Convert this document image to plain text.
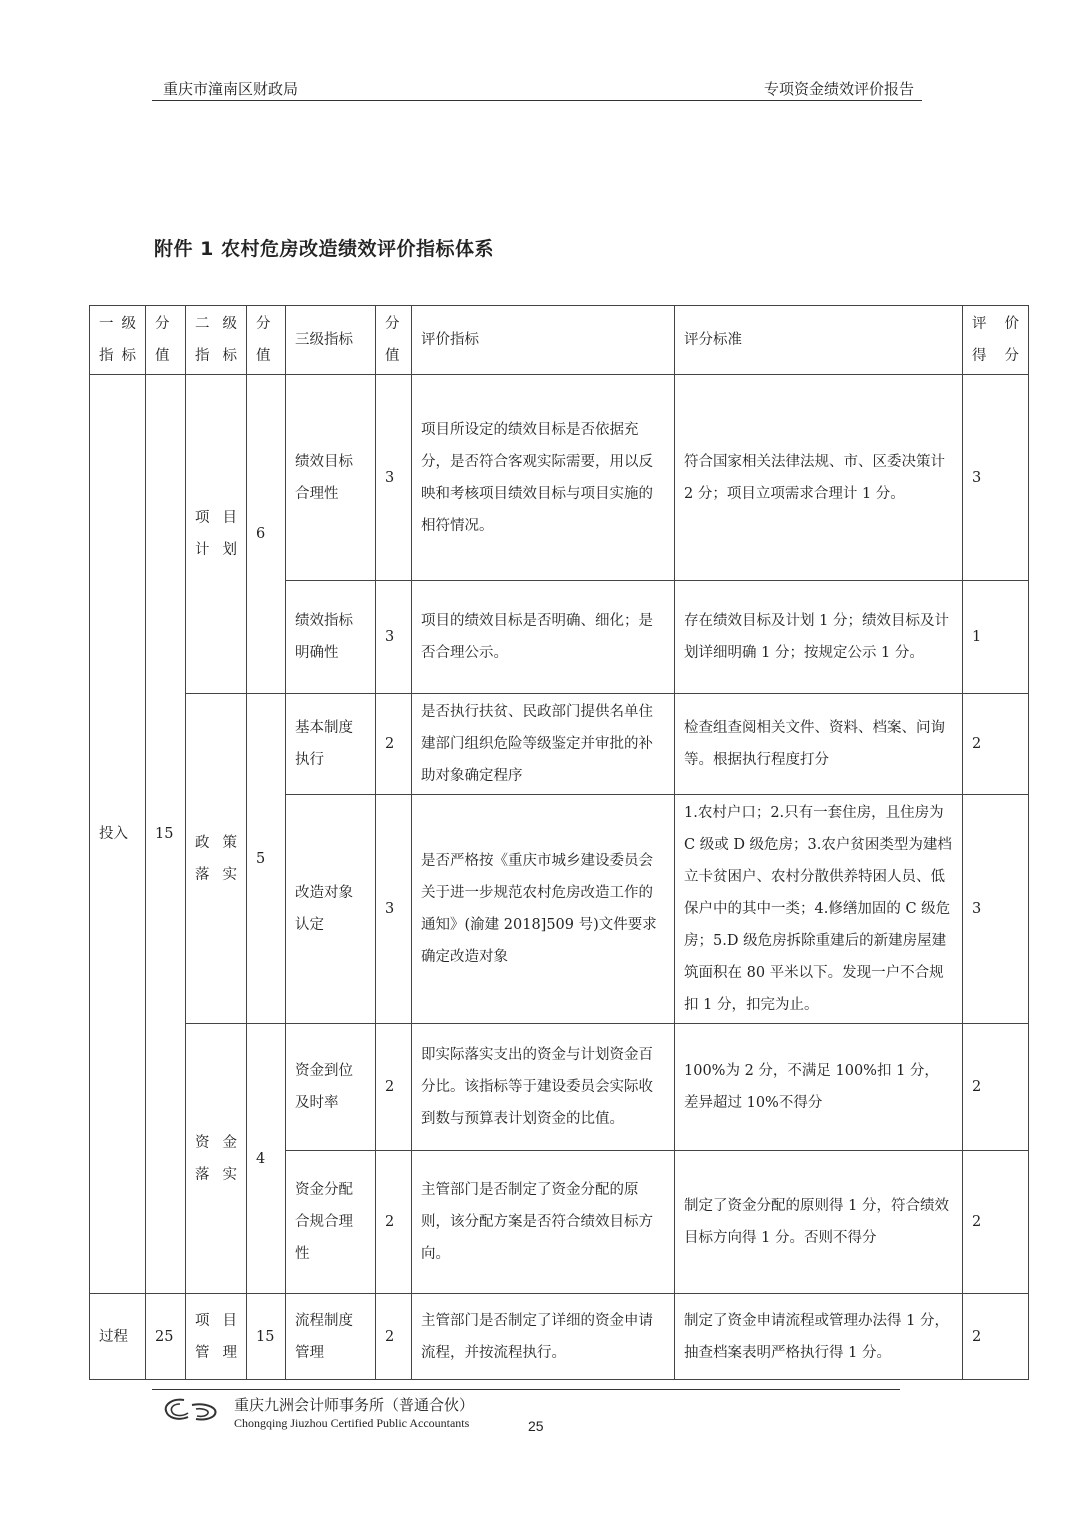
重庆市潼南区财政局	专项资金绩效评价报告
附件 1 农村危房改造绩效评价指标体系
一 级 指标	分 值	二 级 指标	分 值	三级指标	分 值	评价指标	评分标准	评 价 得分
投入	15	项 目 计划	6	绩效目标合理性	3	项目所设定的绩效目标是否依据充分，是否符合客观实际需要，用以反映和考核项目绩效目标与项目实施的相符情况。	符合国家相关法律法规、市、区委决策计 2 分；项目立项需求合理计 1 分。	3
				绩效指标明确性	3	项目的绩效目标是否明确、细化；是否合理公示。	存在绩效目标及计划 1 分；绩效目标及计划详细明确 1 分；按规定公示 1 分。	1
		政 策 落实	5	基本制度执行	2	是否执行扶贫、民政部门提供名单住建部门组织危险等级鉴定并审批的补助对象确定程序	检查组查阅相关文件、资料、档案、问询等。根据执行程度打分	2
				改造对象认定	3	是否严格按《重庆市城乡建设委员会关于进一步规范农村危房改造工作的通知》(渝建 2018]509 号)文件要求确定改造对象	1.农村户口；2.只有一套住房，且住房为 C 级或 D 级危房；3.农户贫困类型为建档立卡贫困户、农村分散供养特困人员、低保户中的其中一类；4.修缮加固的 C 级危房；5.D 级危房拆除重建后的新建房屋建筑面积在 80 平米以下。发现一户不合规扣 1 分，扣完为止。	3
		资 金 落实	4	资金到位及时率	2	即实际落实支出的资金与计划资金百分比。该指标等于建设委员会实际收到数与预算表计划资金的比值。	100%为 2 分，不满足 100%扣 1 分，差异超过 10%不得分	2
				资金分配合规合理性	2	主管部门是否制定了资金分配的原则，该分配方案是否符合绩效目标方向。	制定了资金分配的原则得 1 分，符合绩效目标方向得 1 分。否则不得分	2
过程	25	项 目 管理	15	流程制度管理	2	主管部门是否制定了详细的资金申请流程，并按流程执行。	制定了资金申请流程或管理办法得 1 分，抽查档案表明严格执行得 1 分。	2
重庆九洲会计师事务所（普通合伙）
Chongqing Jiuzhou Certified Public Accountants	25
